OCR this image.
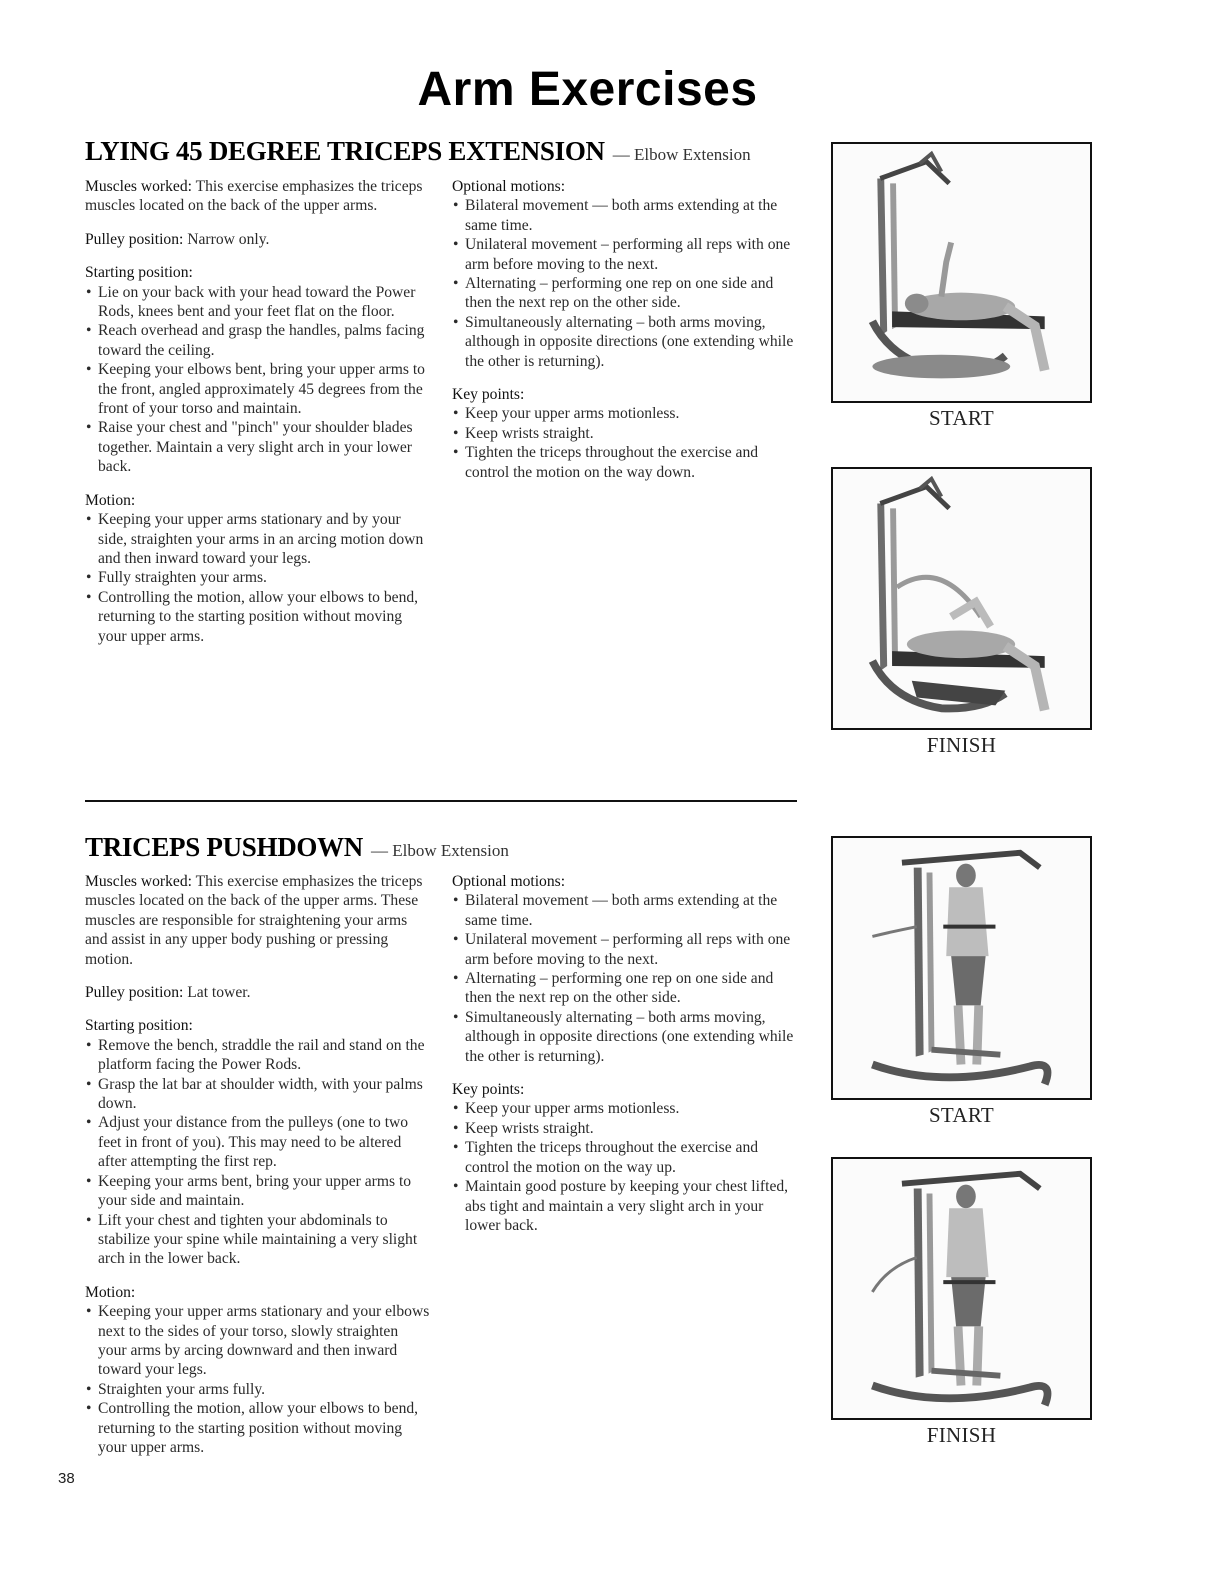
Arm Exercises
LYING 45 DEGREE TRICEPS EXTENSION — Elbow Extension

Muscles worked: This exercise emphasizes the triceps muscles located on the back of the upper arms.

Pulley position: Narrow only.

Starting position:
• Lie on your back with your head toward the Power Rods, knees bent and your feet flat on the floor.
• Reach overhead and grasp the handles, palms facing toward the ceiling.
• Keeping your elbows bent, bring your upper arms to the front, angled approximately 45 degrees from the front of your torso and maintain.
• Raise your chest and "pinch" your shoulder blades together. Maintain a very slight arch in your lower back.
Motion:
• Keeping your upper arms stationary and by your side, straighten your arms in an arcing motion down and then inward toward your legs.
• Fully straighten your arms.
• Controlling the motion, allow your elbows to bend, returning to the starting position without moving your upper arms.
Optional motions:
• Bilateral movement — both arms extending at the same time.
• Unilateral movement – performing all reps with one arm before moving to the next.
• Alternating – performing one rep on one side and then the next rep on the other side.
• Simultaneously alternating – both arms moving, although in opposite directions (one extending while the other is returning).
Key points:
• Keep your upper arms motionless.
• Keep wrists straight.
• Tighten the triceps throughout the exercise and control the motion on the way down.
START
FINISH
TRICEPS PUSHDOWN — Elbow Extension

Muscles worked: This exercise emphasizes the triceps muscles located on the back of the upper arms. These muscles are responsible for straightening your arms and assist in any upper body pushing or pressing motion.

Pulley position: Lat tower.

Starting position:
• Remove the bench, straddle the rail and stand on the platform facing the Power Rods.
• Grasp the lat bar at shoulder width, with your palms down.
• Adjust your distance from the pulleys (one to two feet in front of you). This may need to be altered after attempting the first rep.
• Keeping your arms bent, bring your upper arms to your side and maintain.
• Lift your chest and tighten your abdominals to stabilize your spine while maintaining a very slight arch in the lower back.
Motion:
• Keeping your upper arms stationary and your elbows next to the sides of your torso, slowly straighten your arms by arcing downward and then inward toward your legs.
• Straighten your arms fully.
• Controlling the motion, allow your elbows to bend, returning to the starting position without moving your upper arms.
Optional motions:
• Bilateral movement — both arms extending at the same time.
• Unilateral movement – performing all reps with one arm before moving to the next.
• Alternating – performing one rep on one side and then the next rep on the other side.
• Simultaneously alternating – both arms moving, although in opposite directions (one extending while the other is returning).
Key points:
• Keep your upper arms motionless.
• Keep wrists straight.
• Tighten the triceps throughout the exercise and control the motion on the way up.
• Maintain good posture by keeping your chest lifted, abs tight and maintain a very slight arch in your lower back.
START
FINISH
38
